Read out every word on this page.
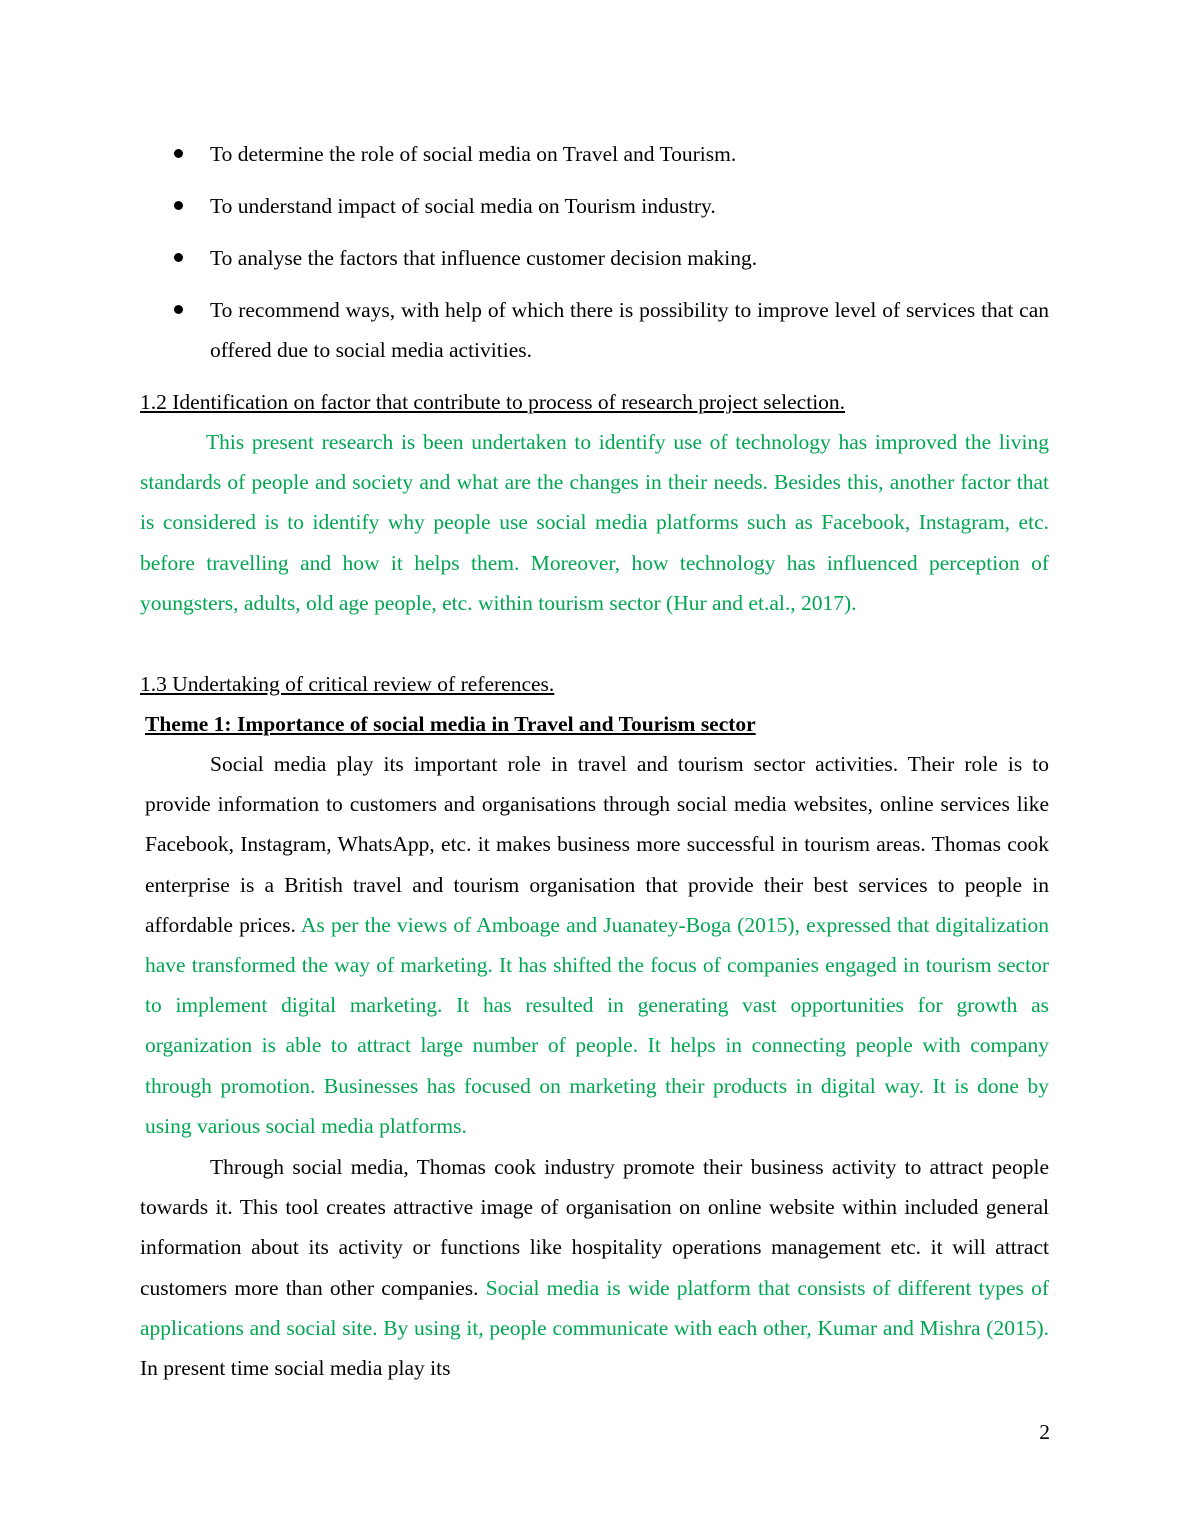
To determine the role of social media on Travel and Tourism.
To understand impact of social media on Tourism industry.
To analyse the factors that influence customer decision making.
To recommend ways, with help of which there is possibility to improve level of services that can offered due to social media activities.
1.2 Identification on factor that contribute to process of research project selection.

This present research is been undertaken to identify use of technology has improved the living standards of people and society and what are the changes in their needs. Besides this, another factor that is considered is to identify why people use social media platforms such as Facebook, Instagram, etc. before travelling and how it helps them. Moreover, how technology has influenced perception of youngsters, adults, old age people, etc. within tourism sector (Hur and et.al., 2017).

1.3 Undertaking of critical review of references.
Theme 1: Importance of social media in Travel and Tourism sector

Social media play its important role in travel and tourism sector activities. Their role is to provide information to customers and organisations through social media websites, online services like Facebook, Instagram, WhatsApp, etc. it makes business more successful in tourism areas. Thomas cook enterprise is a British travel and tourism organisation that provide their best services to people in affordable prices. As per the views of Amboage and Juanatey-Boga (2015), expressed that digitalization have transformed the way of marketing. It has shifted the focus of companies engaged in tourism sector to implement digital marketing. It has resulted in generating vast opportunities for growth as organization is able to attract large number of people. It helps in connecting people with company through promotion. Businesses has focused on marketing their products in digital way. It is done by using various social media platforms.

Through social media, Thomas cook industry promote their business activity to attract people towards it. This tool creates attractive image of organisation on online website within included general information about its activity or functions like hospitality operations management etc. it will attract customers more than other companies. Social media is wide platform that consists of different types of applications and social site. By using it, people communicate with each other, Kumar and Mishra (2015). In present time social media play its

2
